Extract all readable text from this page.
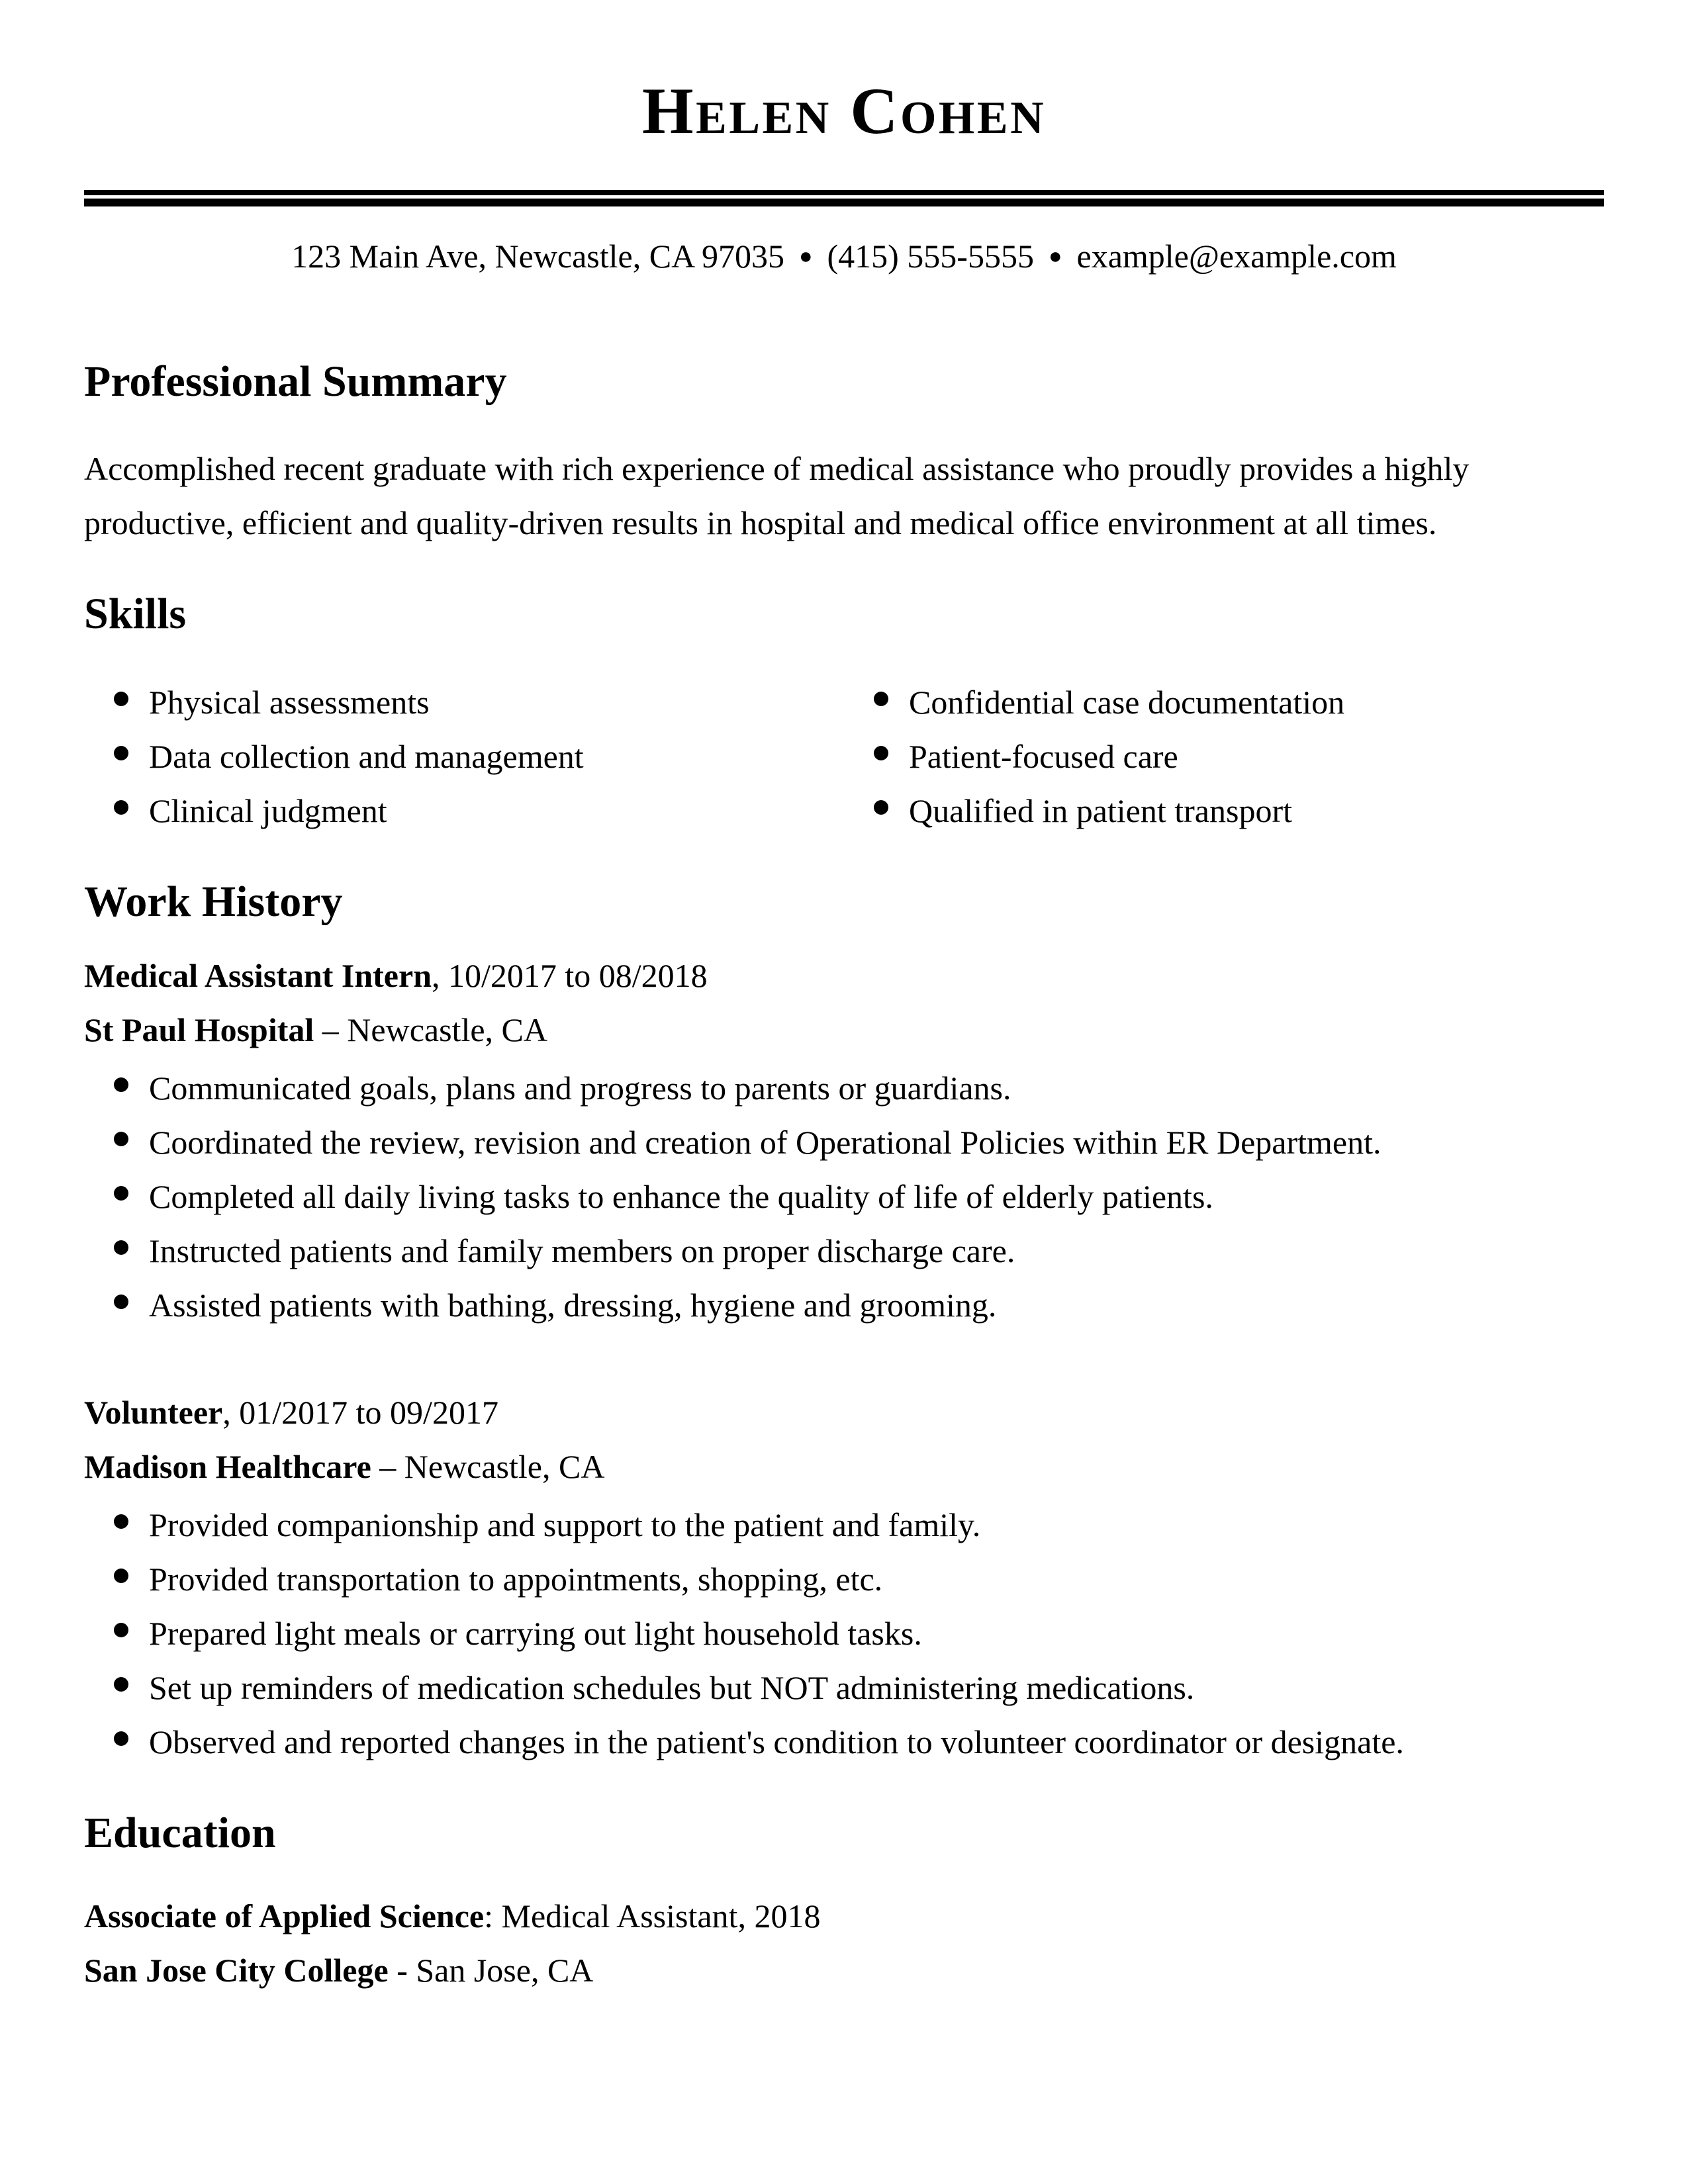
Helen Cohen
123 Main Ave, Newcastle, CA 97035 ● (415) 555-5555 ● example@example.com
Professional Summary

Accomplished recent graduate with rich experience of medical assistance who proudly provides a highly productive, efficient and quality-driven results in hospital and medical office environment at all times.

Skills
Physical assessments
Data collection and management
Clinical judgment
Confidential case documentation
Patient-focused care
Qualified in patient transport
Work History
Medical Assistant Intern, 10/2017 to 08/2018
St Paul Hospital – Newcastle, CA
Communicated goals, plans and progress to parents or guardians.
Coordinated the review, revision and creation of Operational Policies within ER Department.
Completed all daily living tasks to enhance the quality of life of elderly patients.
Instructed patients and family members on proper discharge care.
Assisted patients with bathing, dressing, hygiene and grooming.
Volunteer, 01/2017 to 09/2017
Madison Healthcare – Newcastle, CA
Provided companionship and support to the patient and family.
Provided transportation to appointments, shopping, etc.
Prepared light meals or carrying out light household tasks.
Set up reminders of medication schedules but NOT administering medications.
Observed and reported changes in the patient's condition to volunteer coordinator or designate.
Education
Associate of Applied Science: Medical Assistant, 2018
San Jose City College - San Jose, CA
